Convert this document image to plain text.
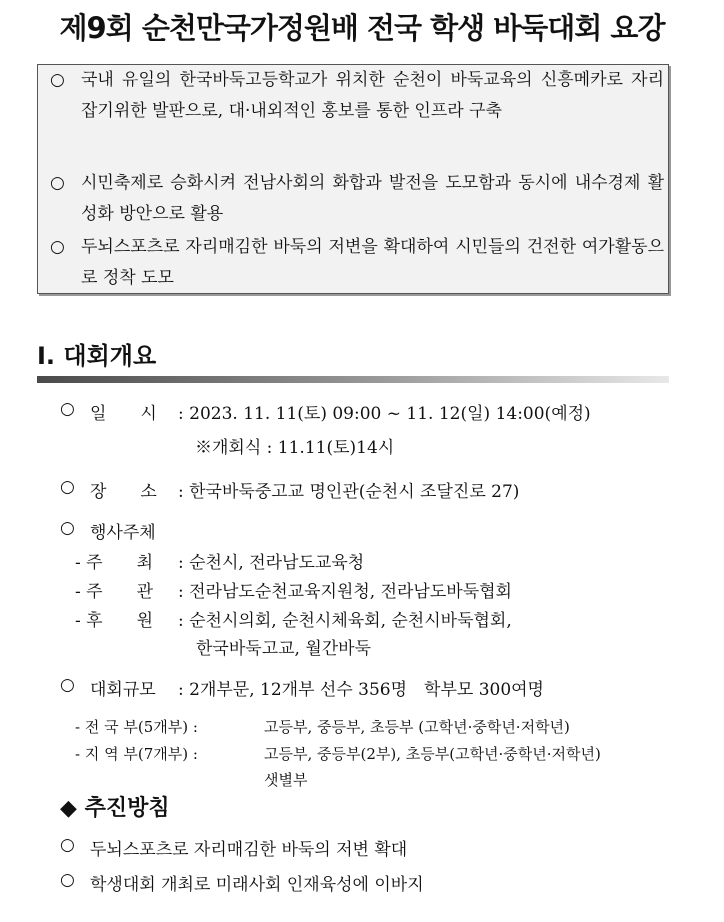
제9회 순천만국가정원배 전국 학생 바둑대회 요강
○ 국내 유일의 한국바둑고등학교가 위치한 순천이 바둑교육의 신흥메카로 자리 잡기위한 발판으로, 대·내외적인 홍보를 통한 인프라 구축
○ 시민축제로 승화시켜 전남사회의 화합과 발전을 도모함과 동시에 내수경제 활성화 방안으로 활용
○ 두뇌스포츠로 자리매김한 바둑의 저변을 확대하여 시민들의 건전한 여가활동으로 정착 도모
Ⅰ. 대회개요
○ 일　　시 : 2023. 11. 11(토) 09:00 ~ 11. 12(일) 14:00(예정)
※개회식 : 11.11(토)14시
○ 장　　소 : 한국바둑중고교 명인관(순천시 조달진로 27)
○ 행사주체
- 주　　최 : 순천시, 전라남도교육청
- 주　　관 : 전라남도순천교육지원청, 전라남도바둑협회
- 후　　원 : 순천시의회, 순천시체육회, 순천시바둑협회,
한국바둑고교, 월간바둑
○ 대회규모 : 2개부문, 12개부 선수 356명　학부모 300여명
- 전 국 부(5개부) :	고등부, 중등부, 초등부 (고학년·중학년·저학년)
- 지 역 부(7개부) :	고등부, 중등부(2부), 초등부(고학년·중학년·저학년)
샛별부
◆ 추진방침
○ 두뇌스포츠로 자리매김한 바둑의 저변 확대
○ 학생대회 개최로 미래사회 인재육성에 이바지
